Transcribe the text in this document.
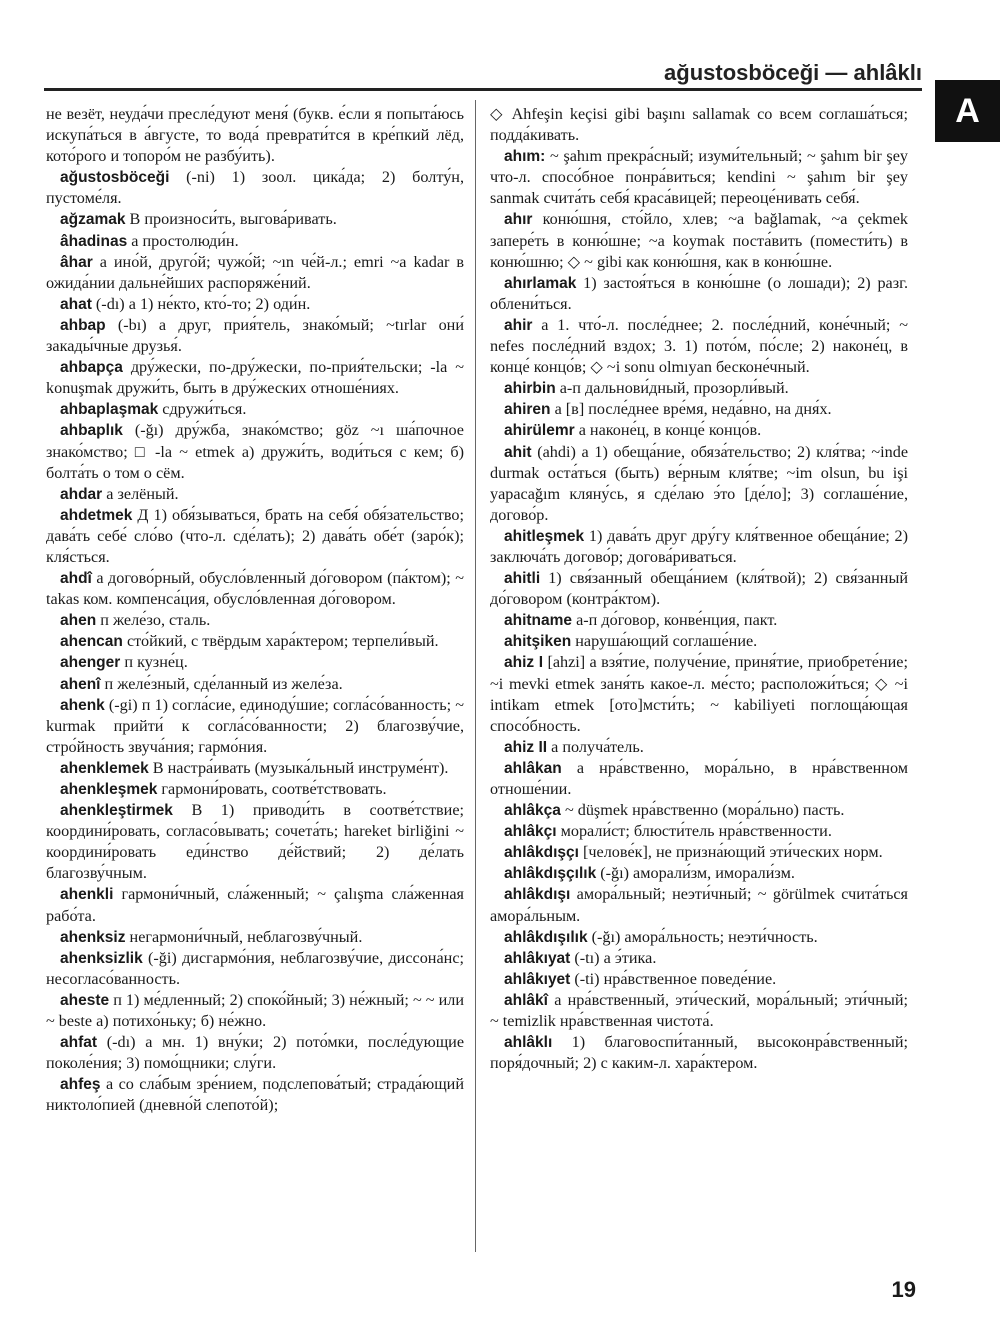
ağustosböceği — ahlâklı
A
не везёт, неуда́чи пресле́дуют меня́ (букв. е́сли я попыта́юсь искупа́ться в а́вгусте, то вода́ преврати́тся в кре́пкий лёд, кото́рого и топоро́м не разбу́ить).
ağustosböceği (-ni) 1) зоол. цика́да; 2) болту́н, пустоме́ля.
ağzamak В произноси́ть, выгова́ривать.
âhadinas а простолюди́н.
âhar а ино́й, друго́й; чужо́й; ~ın че́й-л.; emri ~a kadar в ожида́нии дальне́йших распоряже́ний.
ahat (-dı) а 1) не́кто, кто́-то; 2) оди́н.
ahbap (-bı) а друг, прия́тель, знако́мый; ~tırlar они́ закады́чные друзья́.
ahbapça дру́жески, по-дру́жески, по-прия́тельски; -la ~ konuşmak дружи́ть, быть в дру́жеских отноше́ниях.
ahbaplaşmak сдружи́ться.
ahbaplık (-ğı) дру́жба, знако́мство; göz ~ı ша́почное знако́мство; □ -la ~ etmek а) дружи́ть, води́ться с кем; б) болта́ть о том о сём.
ahdar а зелёный.
ahdetmek Д 1) обя́зываться, брать на себя́ обя́зательство; дава́ть себе́ сло́во (что-л. сде́лать); 2) дава́ть обе́т (заро́к); кля́сться.
ahdî а догово́рный, обусло́вленный до́говором (па́ктом); ~ takas ком. компенса́ция, обусло́вленная до́говором.
ahen п желе́зо, сталь.
ahencan сто́йкий, с твёрдым хара́ктером; терпели́вый.
ahenger п кузне́ц.
ahenî п желе́зный, сде́ланный из желе́за.
ahenk (-gi) п 1) согла́сие, единоду́шие; согла́со́ванность; ~ kurmak прийти́ к согла́со́ванности; 2) благозву́чие, стро́йность звуча́ния; гармо́ния.
ahenklemek В настра́ивать (музыка́льный инструме́нт).
ahenkleşmek гармони́ровать, соотве́тствовать.
ahenkleştirmek В 1) приводи́ть в соотве́тствие; координи́ровать, согласо́вывать; сочета́ть; hareket birliğini ~ координи́ровать еди́нство де́йствий; 2) де́лать благозву́чным.
ahenkli гармони́чный, сла́женный; ~ çalışma сла́женная рабо́та.
ahenksiz негармони́чный, неблагозву́чный.
ahenksizlik (-ği) дисгармо́ния, неблагозву́чие, диссона́нс; несогласо́ванность.
aheste п 1) ме́дленный; 2) споко́йный; 3) не́жный; ~ ~ или ~ beste а) потихо́ньку; б) не́жно.
ahfat (-dı) а мн. 1) вну́ки; 2) пото́мки, после́дующие поколе́ния; 3) помо́щники; слу́ги.
ahfeş а со сла́бым зре́нием, подслепова́тый; страда́ющий никтоло́пией (дневно́й слепото́й);
◇ Ahfeşin keçisi gibi başını sallamak со всем соглаша́ться; подда́кивать.
ahım: ~ şahım прекра́сный; изуми́тельный; ~ şahım bir şey что-л. спосо́бное понра́виться; kendini ~ şahım bir şey sanmak счита́ть себя́ краса́вицей; переоце́нивать себя́.
ahır коню́шня, сто́йло, хлев; ~a bağlamak, ~a çekmek запере́ть в коню́шне; ~a koymak поста́вить (помести́ть) в коню́шню; ◇ ~ gibi как коню́шня, как в коню́шне.
ahırlamak 1) застоя́ться в коню́шне (о лошади); 2) разг. облени́ться.
ahir а 1. что́-л. после́днее; 2. после́дний, коне́чный; ~ nefes после́дний вздох; 3. 1) пото́м, по́сле; 2) наконе́ц, в конце́ концо́в; ◇ ~i sonu olmıyan бесконе́чный.
ahirbin а-п дальнови́дный, прозорли́вый.
ahiren а [в] после́днее вре́мя, неда́вно, на дня́х.
ahirülemr а наконе́ц, в конце́ концо́в.
ahit (ahdi) а 1) обеща́ние, обяза́тельство; 2) кля́тва; ~inde durmak оста́ться (быть) ве́рным кля́тве; ~im olsun, bu işi yapacağım кляну́сь, я сде́лаю э́то [де́ло]; 3) соглаше́ние, догово́р.
ahitleşmek 1) дава́ть друг дру́гу кля́твенное обеща́ние; 2) заключа́ть догово́р; догова́риваться.
ahitli 1) свя́занный обеща́нием (кля́твой); 2) свя́занный до́говором (контра́ктом).
ahitname а-п до́говор, конве́нция, пакт.
ahitşiken наруша́ющий соглаше́ние.
ahiz I [ahzi] а взя́тие, получе́ние, приня́тие, приобрете́ние; ~i mevki etmek заня́ть какое-л. ме́сто; расположи́ться; ◇ ~i intikam etmek [ото]мсти́ть; ~ kabiliyeti поглоща́ющая спосо́бность.
ahiz II а получа́тель.
ahlâkan а нра́вственно, мора́льно, в нра́вственном отноше́нии.
ahlâkça ~ düşmek нра́вственно (мора́льно) пасть.
ahlâkçı морали́ст; блюсти́тель нра́вственности.
ahlâkdışçı [челове́к], не призна́ющий эти́ческих норм.
ahlâkdışçılık (-ğı) аморали́зм, иморали́зм.
ahlâkdışı амора́льный; неэти́чный; ~ görülmek счита́ться амора́льным.
ahlâkdışılık (-ğı) амора́льность; неэти́чность.
ahlâkıyat (-tı) а э́тика.
ahlâkıyet (-ti) нра́вственное поведе́ние.
ahlâkî а нра́вственный, эти́ческий, мора́льный; эти́чный; ~ temizlik нра́вственная чистота́.
ahlâklı 1) благовоспи́танный, высоконра́вственный; поря́дочный; 2) с каким-л. хара́ктером.
19
